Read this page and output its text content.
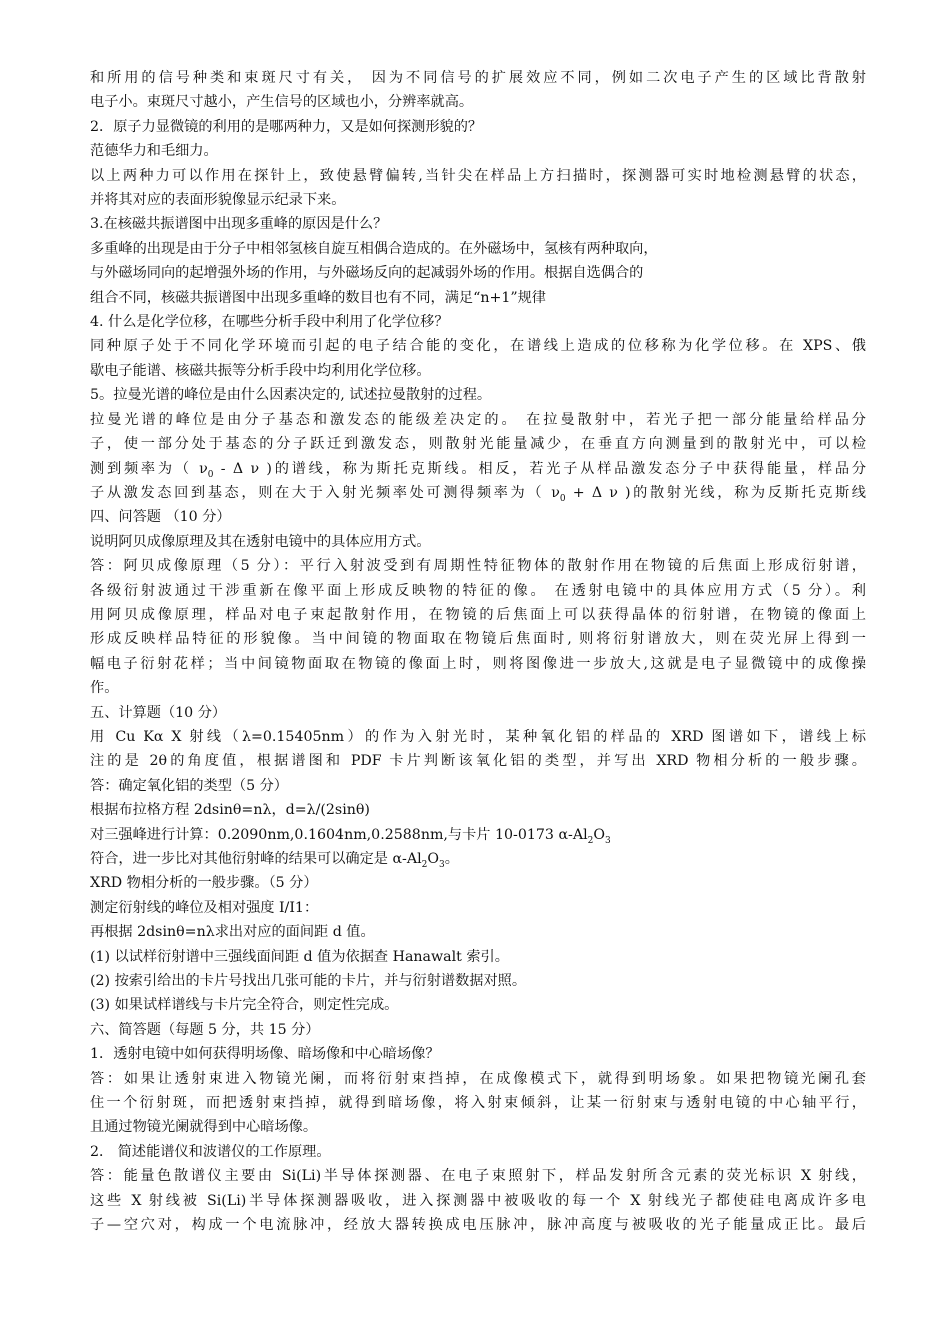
和所用的信号种类和束斑尺寸有关， 因为不同信号的扩展效应不同，例如二次电子产生的区域比背散射
电子小。束斑尺寸越小，产生信号的区域也小，分辨率就高。
2．原子力显微镜的利用的是哪两种力，又是如何探测形貌的？
范德华力和毛细力。
以上两种力可以作用在探针上，致使悬臂偏转,当针尖在样品上方扫描时，探测器可实时地检测悬臂的状态，
并将其对应的表面形貌像显示纪录下来。
3.在核磁共振谱图中出现多重峰的原因是什么？
多重峰的出现是由于分子中相邻氢核自旋互相偶合造成的。在外磁场中，氢核有两种取向，
与外磁场同向的起增强外场的作用，与外磁场反向的起减弱外场的作用。根据自选偶合的
组合不同，核磁共振谱图中出现多重峰的数目也有不同，满足“n+1”规律
4. 什么是化学位移，在哪些分析手段中利用了化学位移？
同种原子处于不同化学环境而引起的电子结合能的变化，在谱线上造成的位移称为化学位移。在 XPS、俄
歇电子能谱、核磁共振等分析手段中均利用化学位移。
5。拉曼光谱的峰位是由什么因素决定的, 试述拉曼散射的过程。
拉曼光谱的峰位是由分子基态和激发态的能级差决定的。 在拉曼散射中，若光子把一部分能量给样品分
子，使一部分处于基态的分子跃迁到激发态，则散射光能量减少，在垂直方向测量到的散射光中，可以检
测到频率为（ $\nu_0$ - Δ ν )的谱线，称为斯托克斯线。相反，若光子从样品激发态分子中获得能量，样品分
子从激发态回到基态，则在大于入射光频率处可测得频率为（ $\nu_0 + \Delta$ ν )的散射光线，称为反斯托克斯线
四、问答题 （10 分）
说明阿贝成像原理及其在透射电镜中的具体应用方式。
答：阿贝成像原理（5 分）：平行入射波受到有周期性特征物体的散射作用在物镜的后焦面上形成衍射谱，
各级衍射波通过干涉重新在像平面上形成反映物的特征的像。 在透射电镜中的具体应用方式（5 分）。利
用阿贝成像原理，样品对电子束起散射作用，在物镜的后焦面上可以获得晶体的衍射谱，在物镜的像面上
形成反映样品特征的形貌像。当中间镜的物面取在物镜后焦面时, 则将衍射谱放大，则在荧光屏上得到一
幅电子衍射花样；当中间镜物面取在物镜的像面上时，则将图像进一步放大,这就是电子显微镜中的成像操
作。
五、计算题（10 分）
用 Cu Kα X 射线（λ=0.15405nm）的作为入射光时，某种氧化铝的样品的 XRD 图谱如下，谱线上标
注的是 2θ的角度值，根据谱图和 PDF 卡片判断该氧化铝的类型，并写出 XRD 物相分析的一般步骤。
答：确定氧化铝的类型（5 分）
根据布拉格方程 2dsinθ=nλ，d=λ/(2sinθ)
对三强峰进行计算：0.2090nm,0.1604nm,0.2588nm,与卡片 10-0173 $\alpha-Al_2O_3$
符合，进一步比对其他衍射峰的结果可以确定是 $\alpha-Al_2O_3$。
XRD 物相分析的一般步骤。（5 分）
测定衍射线的峰位及相对强度 I/I1：
再根据 2dsinθ=nλ求出对应的面间距 d 值。
(1) 以试样衍射谱中三强线面间距 d 值为依据查 Hanawalt 索引。
(2) 按索引给出的卡片号找出几张可能的卡片，并与衍射谱数据对照。
(3) 如果试样谱线与卡片完全符合，则定性完成。
六、简答题（每题 5 分，共 15 分）
1．透射电镜中如何获得明场像、暗场像和中心暗场像？
答：如果让透射束进入物镜光阑，而将衍射束挡掉，在成像模式下，就得到明场象。如果把物镜光阑孔套
住一个衍射斑，而把透射束挡掉，就得到暗场像，将入射束倾斜，让某一衍射束与透射电镜的中心轴平行，
且通过物镜光阑就得到中心暗场像。
2． 简述能谱仪和波谱仪的工作原理。
答：能量色散谱仪主要由 Si(Li)半导体探测器、在电子束照射下，样品发射所含元素的荧光标识 X 射线，
这些 X 射线被 Si(Li)半导体探测器吸收，进入探测器中被吸收的每一个 X 射线光子都使硅电离成许多电
子—空穴对，构成一个电流脉冲，经放大器转换成电压脉冲，脉冲高度与被吸收的光子能量成正比。最后
